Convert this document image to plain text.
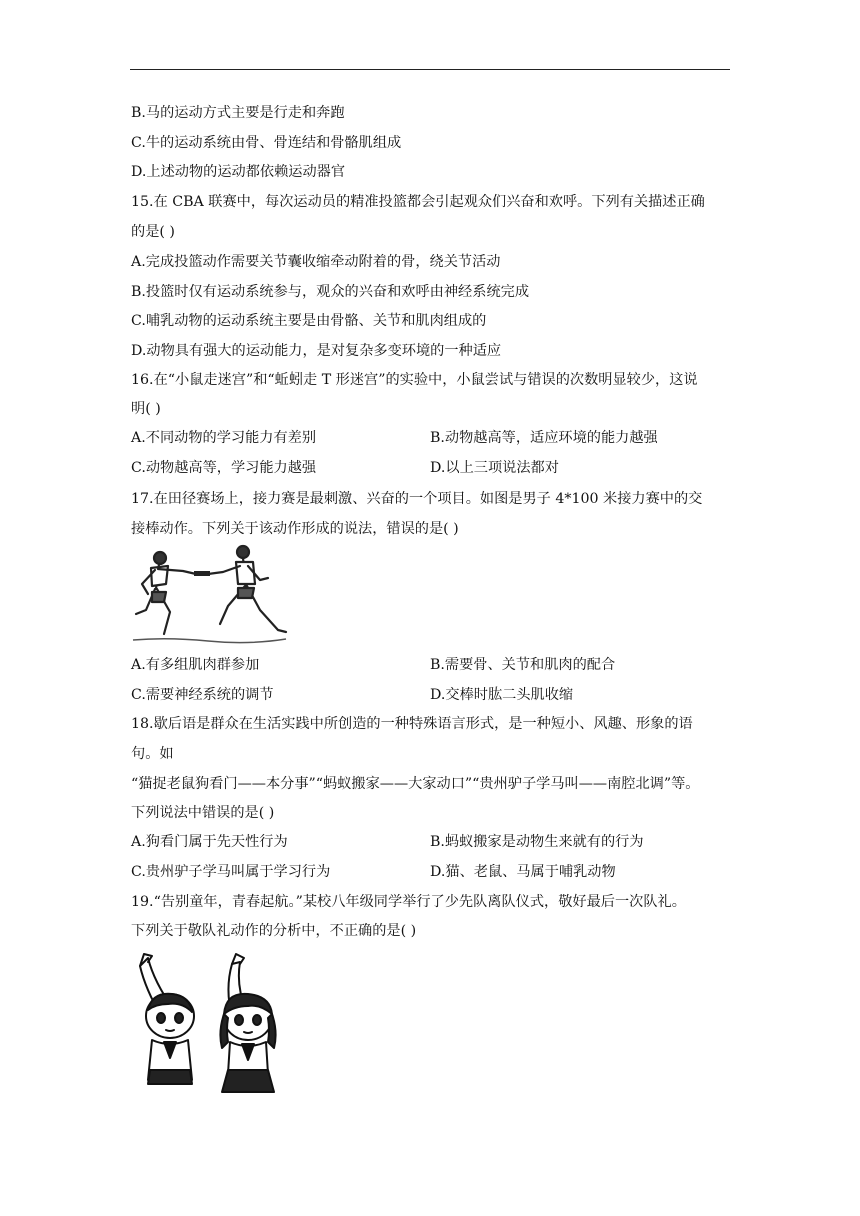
B.马的运动方式主要是行走和奔跑
C.牛的运动系统由骨、骨连结和骨骼肌组成
D.上述动物的运动都依赖运动器官
15.在 CBA 联赛中，每次运动员的精准投篮都会引起观众们兴奋和欢呼。下列有关描述正确
的是( )
A.完成投篮动作需要关节囊收缩牵动附着的骨，绕关节活动
B.投篮时仅有运动系统参与，观众的兴奋和欢呼由神经系统完成
C.哺乳动物的运动系统主要是由骨骼、关节和肌肉组成的
D.动物具有强大的运动能力，是对复杂多变环境的一种适应
16.在“小鼠走迷宫”和“蚯蚓走 T 形迷宫”的实验中，小鼠尝试与错误的次数明显较少，这说
明( )
A.不同动物的学习能力有差别	B.动物越高等，适应环境的能力越强
C.动物越高等，学习能力越强	D.以上三项说法都对
17.在田径赛场上，接力赛是最刺激、兴奋的一个项目。如图是男子 4*100 米接力赛中的交
接棒动作。下列关于该动作形成的说法，错误的是( )
A.有多组肌肉群参加	B.需要骨、关节和肌肉的配合
C.需要神经系统的调节	D.交棒时肱二头肌收缩
18.歇后语是群众在生活实践中所创造的一种特殊语言形式，是一种短小、风趣、形象的语
句。如
“猫捉老鼠狗看门——本分事”“蚂蚁搬家——大家动口”“贵州驴子学马叫——南腔北调”等。
下列说法中错误的是( )
A.狗看门属于先天性行为	B.蚂蚁搬家是动物生来就有的行为
C.贵州驴子学马叫属于学习行为	D.猫、老鼠、马属于哺乳动物
19.“告别童年，青春起航。”某校八年级同学举行了少先队离队仪式，敬好最后一次队礼。
下列关于敬队礼动作的分析中，不正确的是( )
